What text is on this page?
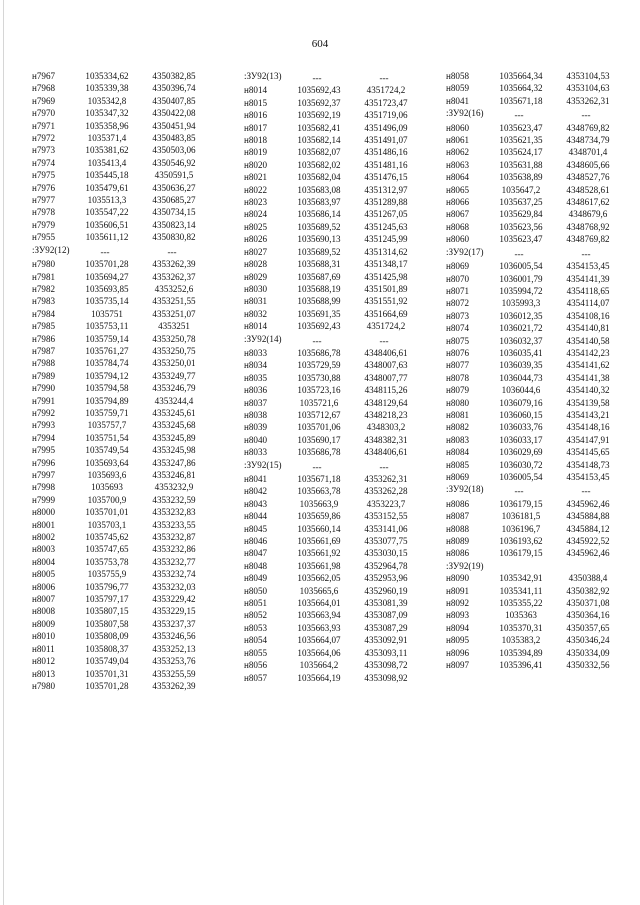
604
н7967	1035334,62	4350382,85
н7968	1035339,38	4350396,74
н7969	1035342,8	4350407,85
н7970	1035347,32	4350422,08
н7971	1035358,96	4350451,94
н7972	1035371,4	4350483,85
н7973	1035381,62	4350503,06
н7974	1035413,4	4350546,92
н7975	1035445,18	4350591,5
н7976	1035479,61	4350636,27
н7977	1035513,3	4350685,27
н7978	1035547,22	4350734,15
н7979	1035606,51	4350823,14
н7955	1035611,12	4350830,82
:ЗУ92(12)	---	---
н7980	1035701,28	4353262,39
н7981	1035694,27	4353262,37
н7982	1035693,85	4353252,6
н7983	1035735,14	4353251,55
н7984	1035751	4353251,07
н7985	1035753,11	4353251
н7986	1035759,14	4353250,78
н7987	1035761,27	4353250,75
н7988	1035784,74	4353250,01
н7989	1035794,12	4353249,77
н7990	1035794,58	4353246,79
н7991	1035794,89	4353244,4
н7992	1035759,71	4353245,61
н7993	1035757,7	4353245,68
н7994	1035751,54	4353245,89
н7995	1035749,54	4353245,98
н7996	1035693,64	4353247,86
н7997	1035693,6	4353246,81
н7998	1035693	4353232,9
н7999	1035700,9	4353232,59
н8000	1035701,01	4353232,83
н8001	1035703,1	4353233,55
н8002	1035745,62	4353232,87
н8003	1035747,65	4353232,86
н8004	1035753,78	4353232,77
н8005	1035755,9	4353232,74
н8006	1035796,77	4353232,03
н8007	1035797,17	4353229,42
н8008	1035807,15	4353229,15
н8009	1035807,58	4353237,37
н8010	1035808,09	4353246,56
н8011	1035808,37	4353252,13
н8012	1035749,04	4353253,76
н8013	1035701,31	4353255,59
н7980	1035701,28	4353262,39
:ЗУ92(13)	---	---
н8014	1035692,43	4351724,2
н8015	1035692,37	4351723,47
н8016	1035692,19	4351719,06
н8017	1035682,41	4351496,09
н8018	1035682,14	4351491,07
н8019	1035682,07	4351486,16
н8020	1035682,02	4351481,16
н8021	1035682,04	4351476,15
н8022	1035683,08	4351312,97
н8023	1035683,97	4351289,88
н8024	1035686,14	4351267,05
н8025	1035689,52	4351245,63
н8026	1035690,13	4351245,99
н8027	1035689,52	4351314,62
н8028	1035688,31	4351348,17
н8029	1035687,69	4351425,98
н8030	1035688,19	4351501,89
н8031	1035688,99	4351551,92
н8032	1035691,35	4351664,69
н8014	1035692,43	4351724,2
:ЗУ92(14)	---	---
н8033	1035686,78	4348406,61
н8034	1035729,59	4348007,63
н8035	1035730,88	4348007,77
н8036	1035723,16	4348115,26
н8037	1035721,6	4348129,64
н8038	1035712,67	4348218,23
н8039	1035701,06	4348303,2
н8040	1035690,17	4348382,31
н8033	1035686,78	4348406,61
:ЗУ92(15)	---	---
н8041	1035671,18	4353262,31
н8042	1035663,78	4353262,28
н8043	1035663,9	4353223,7
н8044	1035659,86	4353152,55
н8045	1035660,14	4353141,06
н8046	1035661,69	4353077,75
н8047	1035661,92	4353030,15
н8048	1035661,98	4352964,78
н8049	1035662,05	4352953,96
н8050	1035665,6	4352960,19
н8051	1035664,01	4353081,39
н8052	1035663,94	4353087,09
н8053	1035663,93	4353087,29
н8054	1035664,07	4353092,91
н8055	1035664,06	4353093,11
н8056	1035664,2	4353098,72
н8057	1035664,19	4353098,92
н8058	1035664,34	4353104,53
н8059	1035664,32	4353104,63
н8041	1035671,18	4353262,31
:ЗУ92(16)	---	---
н8060	1035623,47	4348769,82
н8061	1035621,35	4348734,79
н8062	1035624,17	4348701,4
н8063	1035631,88	4348605,66
н8064	1035638,89	4348527,76
н8065	1035647,2	4348528,61
н8066	1035637,25	4348617,62
н8067	1035629,84	4348679,6
н8068	1035623,56	4348768,92
н8060	1035623,47	4348769,82
:ЗУ92(17)	---	---
н8069	1036005,54	4354153,45
н8070	1036001,79	4354141,39
н8071	1035994,72	4354118,65
н8072	1035993,3	4354114,07
н8073	1036012,35	4354108,16
н8074	1036021,72	4354140,81
н8075	1036032,37	4354140,58
н8076	1036035,41	4354142,23
н8077	1036039,35	4354141,62
н8078	1036044,73	4354141,38
н8079	1036044,6	4354140,32
н8080	1036079,16	4354139,58
н8081	1036060,15	4354143,21
н8082	1036033,76	4354148,16
н8083	1036033,17	4354147,91
н8084	1036029,69	4354145,65
н8085	1036030,72	4354148,73
н8069	1036005,54	4354153,45
:ЗУ92(18)	---	---
н8086	1036179,15	4345962,46
н8087	1036181,5	4345884,88
н8088	1036196,7	4345884,12
н8089	1036193,62	4345922,52
н8086	1036179,15	4345962,46
:ЗУ92(19)
н8090	1035342,91	4350388,4
н8091	1035341,11	4350382,92
н8092	1035355,22	4350371,08
н8093	1035363	4350364,16
н8094	1035370,31	4350357,65
н8095	1035383,2	4350346,24
н8096	1035394,89	4350334,09
н8097	1035396,41	4350332,56
